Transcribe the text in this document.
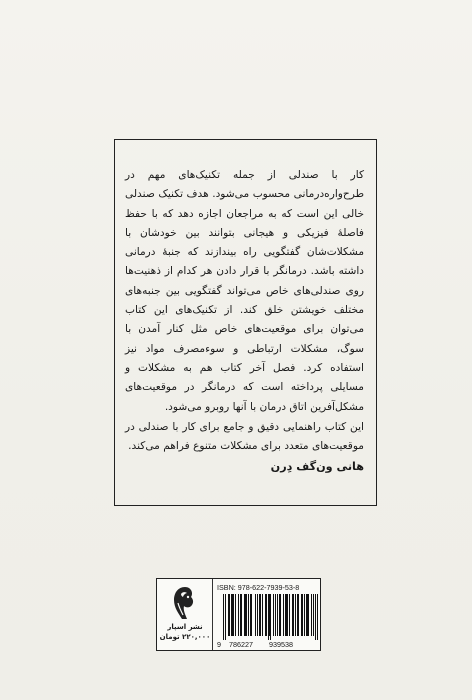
کار با صندلی از جمله تکنیک‌های مهم در طرح‌واره‌درمانی محسوب می‌شود. هدف تکنیک صندلی خالی این است که به مراجعان اجازه دهد که با حفظ فاصلهٔ فیزیکی و هیجانی بتوانند بین خودشان با مشکلات‌شان گفتگویی راه بیندازند که جنبهٔ درمانی داشته باشد. درمانگر با قرار دادن هر کدام از ذهنیت‌ها روی صندلی‌های خاص می‌تواند گفتگویی بین جنبه‌های مختلف خویشتن خلق کند. از تکنیک‌های این کتاب می‌توان برای موقعیت‌های خاص مثل کنار آمدن با سوگ، مشکلات ارتباطی و سوءمصرف مواد نیز استفاده کرد. فصل آخر کتاب هم به مشکلات و مسایلی پرداخته است که درمانگر در موقعیت‌های مشکل‌آفرین اتاق درمان با آنها روبرو می‌شود.

این کتاب راهنمایی دقیق و جامع برای کار با صندلی در موقعیت‌های متعدد برای مشکلات متنوع فراهم می‌کند.

هانی ون‌گف دِرن

نشر اسپار
۲۲۰,۰۰۰ تومان
ISBN: 978-622-7939-53-8
9 786227 939538
